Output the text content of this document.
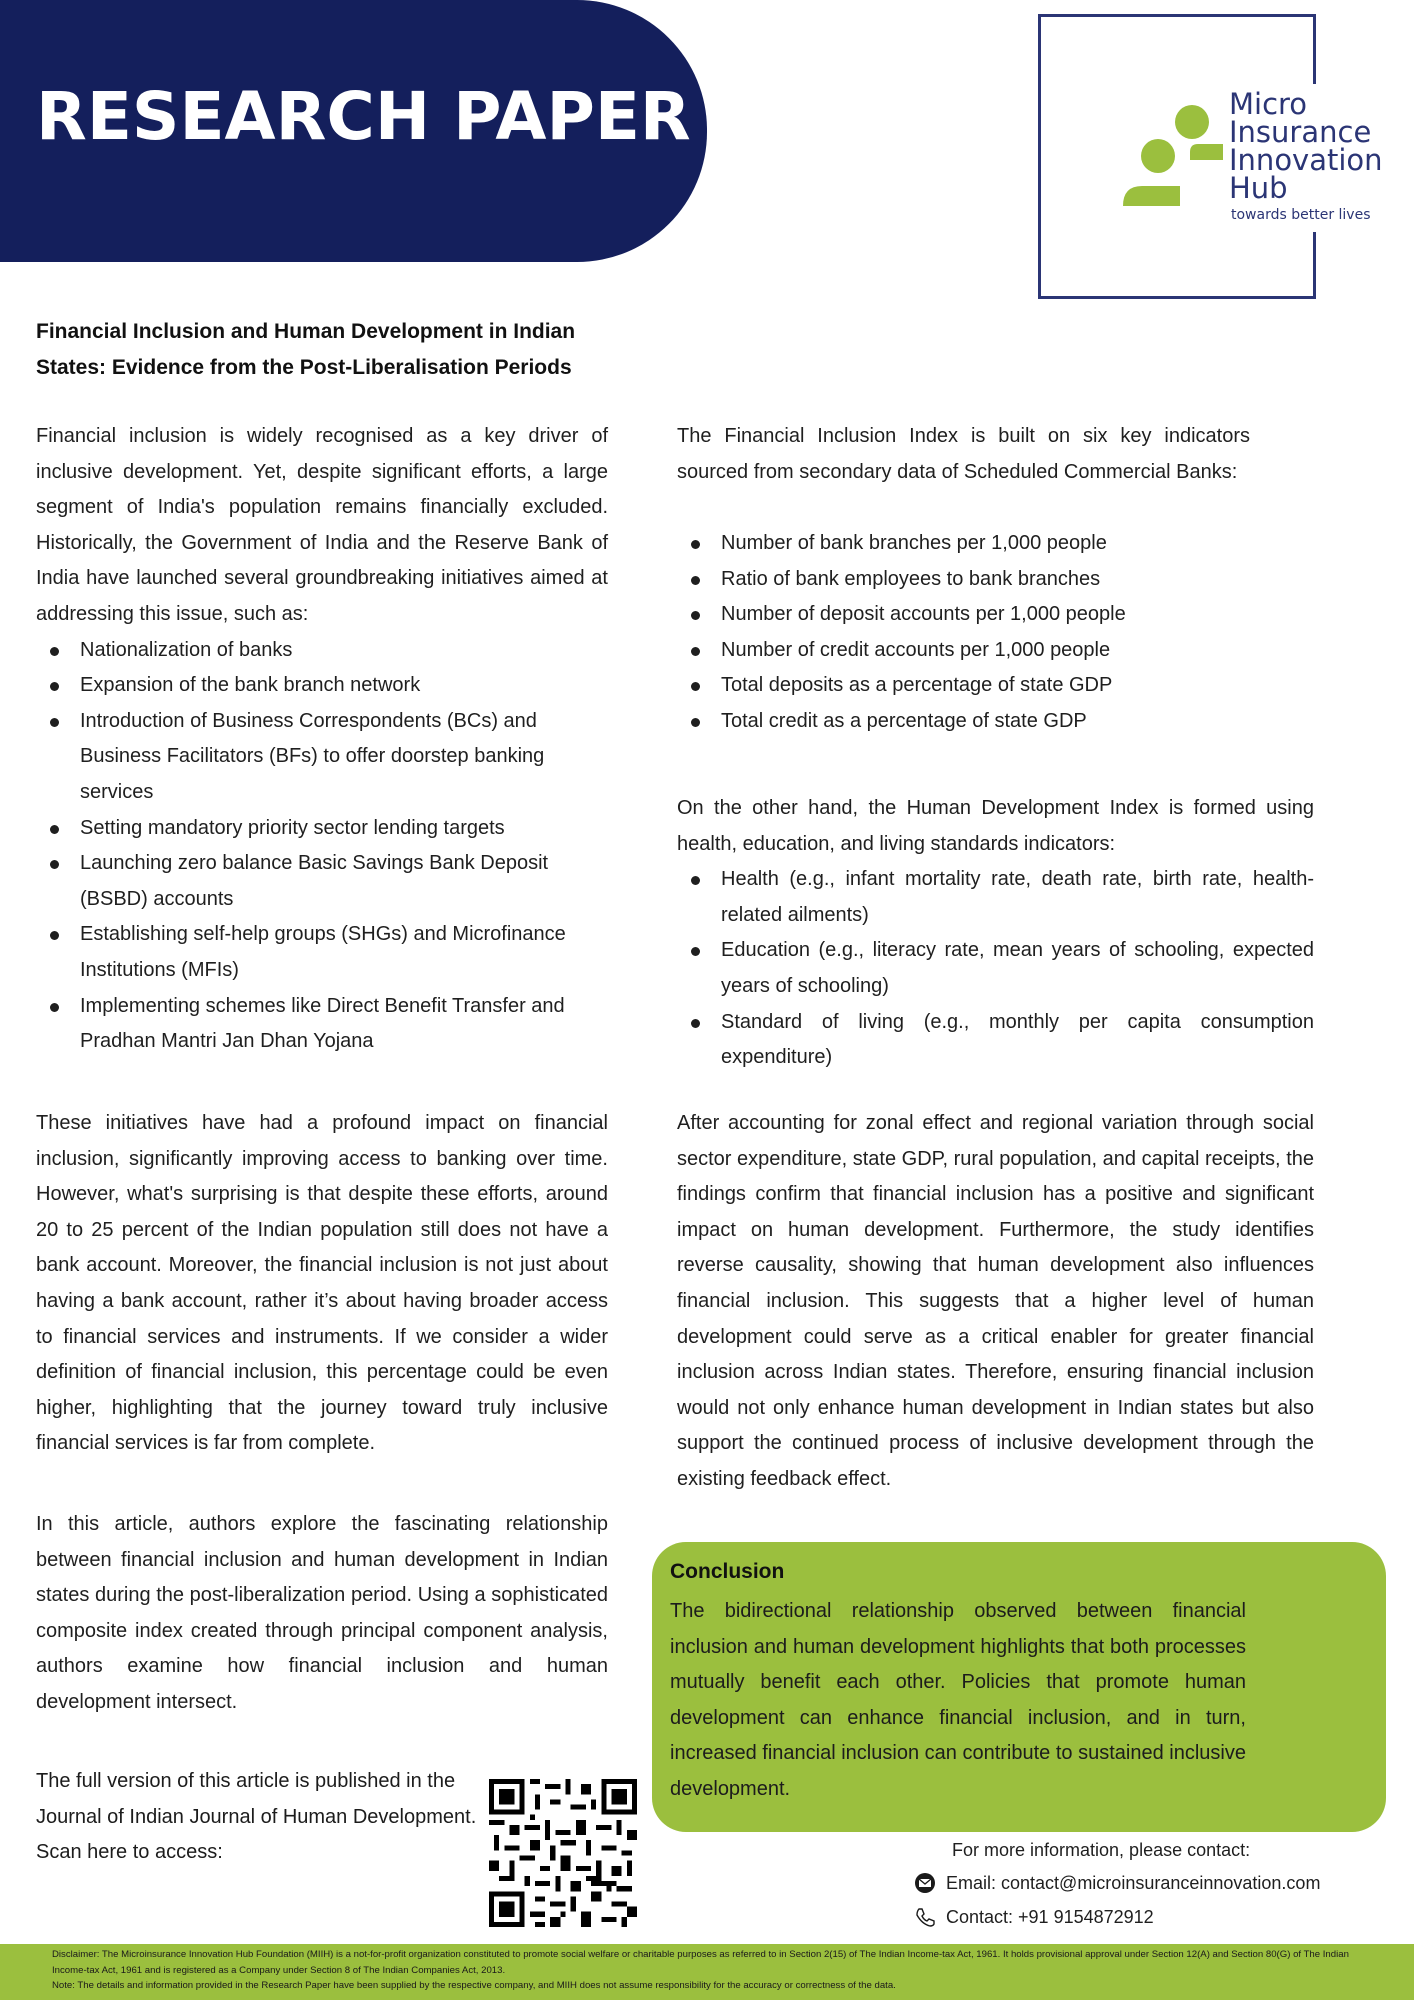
RESEARCH PAPER	Micro
Insurance
Innovation
Hub
towards better lives
Financial Inclusion and Human Development in Indian States: Evidence from the Post-Liberalisation Periods

Financial inclusion is widely recognised as a key driver of inclusive development. Yet, despite significant efforts, a large segment of India's population remains financially excluded. Historically, the Government of India and the Reserve Bank of India have launched several groundbreaking initiatives aimed at addressing this issue, such as:

Nationalization of banks
Expansion of the bank branch network
Introduction of Business Correspondents (BCs) and Business Facilitators (BFs) to offer doorstep banking services
Setting mandatory priority sector lending targets
Launching zero balance Basic Savings Bank Deposit (BSBD) accounts
Establishing self-help groups (SHGs) and Microfinance Institutions (MFIs)
Implementing schemes like Direct Benefit Transfer and Pradhan Mantri Jan Dhan Yojana

These initiatives have had a profound impact on financial inclusion, significantly improving access to banking over time. However, what's surprising is that despite these efforts, around 20 to 25 percent of the Indian population still does not have a bank account. Moreover, the financial inclusion is not just about having a bank account, rather it’s about having broader access to financial services and instruments. If we consider a wider definition of financial inclusion, this percentage could be even higher, highlighting that the journey toward truly inclusive financial services is far from complete.

In this article, authors explore the fascinating relationship between financial inclusion and human development in Indian states during the post-liberalization period. Using a sophisticated composite index created through principal component analysis, authors examine how financial inclusion and human development intersect.

The full version of this article is published in the Journal of Indian Journal of Human Development. Scan here to access:

The Financial Inclusion Index is built on six key indicators sourced from secondary data of Scheduled Commercial Banks:

Number of bank branches per 1,000 people
Ratio of bank employees to bank branches
Number of deposit accounts per 1,000 people
Number of credit accounts per 1,000 people
Total deposits as a percentage of state GDP
Total credit as a percentage of state GDP

On the other hand, the Human Development Index is formed using health, education, and living standards indicators:

Health (e.g., infant mortality rate, death rate, birth rate, health-related ailments)
Education (e.g., literacy rate, mean years of schooling, expected years of schooling)
Standard of living (e.g., monthly per capita consumption expenditure)

After accounting for zonal effect and regional variation through social sector expenditure, state GDP, rural population, and capital receipts, the findings confirm that financial inclusion has a positive and significant impact on human development. Furthermore, the study identifies reverse causality, showing that human development also influences financial inclusion. This suggests that a higher level of human development could serve as a critical enabler for greater financial inclusion across Indian states. Therefore, ensuring financial inclusion would not only enhance human development in Indian states but also support the continued process of inclusive development through the existing feedback effect.

Conclusion

The bidirectional relationship observed between financial inclusion and human development highlights that both processes mutually benefit each other. Policies that promote human development can enhance financial inclusion, and in turn, increased financial inclusion can contribute to sustained inclusive development.

For more information, please contact:
Email: contact@microinsuranceinnovation.com
Contact: +91 9154872912
Disclaimer: The Microinsurance Innovation Hub Foundation (MIIH) is a not-for-profit organization constituted to promote social welfare or charitable purposes as referred to in Section 2(15) of The Indian Income-tax Act, 1961. It holds provisional approval under Section 12(A) and Section 80(G) of The Indian Income-tax Act, 1961 and is registered as a Company under Section 8 of The Indian Companies Act, 2013.
Note: The details and information provided in the Research Paper have been supplied by the respective company, and MIIH does not assume responsibility for the accuracy or correctness of the data.
